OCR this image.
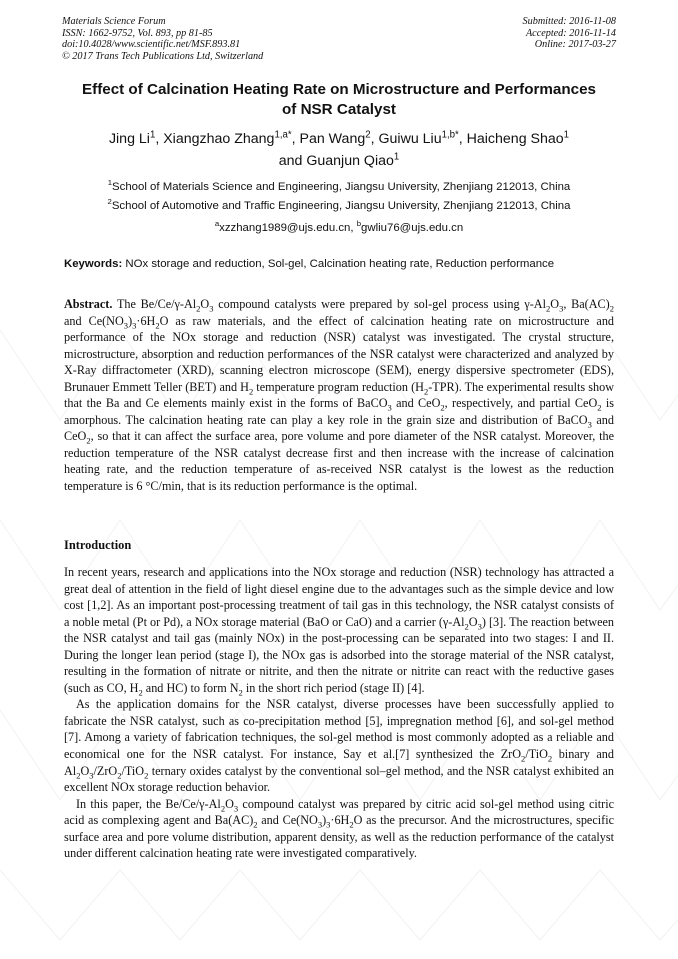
Materials Science Forum
ISSN: 1662-9752, Vol. 893, pp 81-85
doi:10.4028/www.scientific.net/MSF.893.81
© 2017 Trans Tech Publications Ltd, Switzerland
Submitted: 2016-11-08
Accepted: 2016-11-14
Online: 2017-03-27
Effect of Calcination Heating Rate on Microstructure and Performances
of NSR Catalyst
Jing Li$^1$, Xiangzhao Zhang$^{1,a*}$, Pan Wang$^2$, Guiwu Liu$^{1,b*}$, Haicheng Shao$^1$
and Guanjun Qiao$^1$
$^1$School of Materials Science and Engineering, Jiangsu University, Zhenjiang 212013, China
$^2$School of Automotive and Traffic Engineering, Jiangsu University, Zhenjiang 212013, China
$^a$xzzhang1989@ujs.edu.cn, $^b$gwliu76@ujs.edu.cn
Keywords: NOx storage and reduction, Sol-gel, Calcination heating rate, Reduction performance

Abstract. The $Be/Ce/\gamma-Al_2O_3$ compound catalysts were prepared by sol-gel process using $\gamma-Al_2O_3$, $Ba(AC)_2$ and $Ce(NO_3)_3\cdot 6H_2O$ as raw materials, and the effect of calcination heating rate on microstructure and performance of the NOx storage and reduction (NSR) catalyst was investigated. The crystal structure, microstructure, absorption and reduction performances of the NSR catalyst were characterized and analyzed by X-Ray diffractometer (XRD), scanning electron microscope (SEM), energy dispersive spectrometer (EDS), Brunauer Emmett Teller (BET) and $H_2$ temperature program reduction $(H_2-TPR)$. The experimental results show that the Ba and Ce elements mainly exist in the forms of BaCO$_3$ and CeO$_2$, respectively, and partial CeO$_2$ is amorphous. The calcination heating rate can play a key role in the grain size and distribution of BaCO$_3$ and CeO$_2$, so that it can affect the surface area, pore volume and pore diameter of the NSR catalyst. Moreover, the reduction temperature of the NSR catalyst decrease first and then increase with the increase of calcination heating rate, and the reduction temperature of as-received NSR catalyst is the lowest as the reduction temperature is 6 °C/min, that is its reduction performance is the optimal.

Introduction

In recent years, research and applications into the NOx storage and reduction (NSR) technology has attracted a great deal of attention in the field of light diesel engine due to the advantages such as the simple device and low cost [1,2]. As an important post-processing treatment of tail gas in this technology, the NSR catalyst consists of a noble metal (Pt or Pd), a NOx storage material (BaO or CaO) and a carrier $(\gamma-Al_2O_3)$ [3]. The reaction between the NSR catalyst and tail gas (mainly NOx) in the post-processing can be separated into two stages: I and II. During the longer lean period (stage I), the NOx gas is adsorbed into the storage material of the NSR catalyst, resulting in the formation of nitrate or nitrite, and then the nitrate or nitrite can react with the reductive gases (such as CO, $H_2$ and HC) to form $N_2$ in the short rich period (stage II) [4].

As the application domains for the NSR catalyst, diverse processes have been successfully applied to fabricate the NSR catalyst, such as co-precipitation method [5], impregnation method [6], and sol-gel method [7]. Among a variety of fabrication techniques, the sol-gel method is most commonly adopted as a reliable and economical one for the NSR catalyst. For instance, Say et al.[7] synthesized the ZrO$_2$/TiO$_2$ binary and $Al_2O_3/ZrO_2/TiO_2$ ternary oxides catalyst by the conventional sol–gel method, and the NSR catalyst exhibited an excellent NOx storage reduction behavior.

In this paper, the $Be/Ce/\gamma-Al_2O_3$ compound catalyst was prepared by citric acid sol-gel method using citric acid as complexing agent and $Ba(AC)_2$ and $Ce(NO_3)_3\cdot 6H_2O$ as the precursor. And the microstructures, specific surface area and pore volume distribution, apparent density, as well as the reduction performance of the catalyst under different calcination heating rate were investigated comparatively.
